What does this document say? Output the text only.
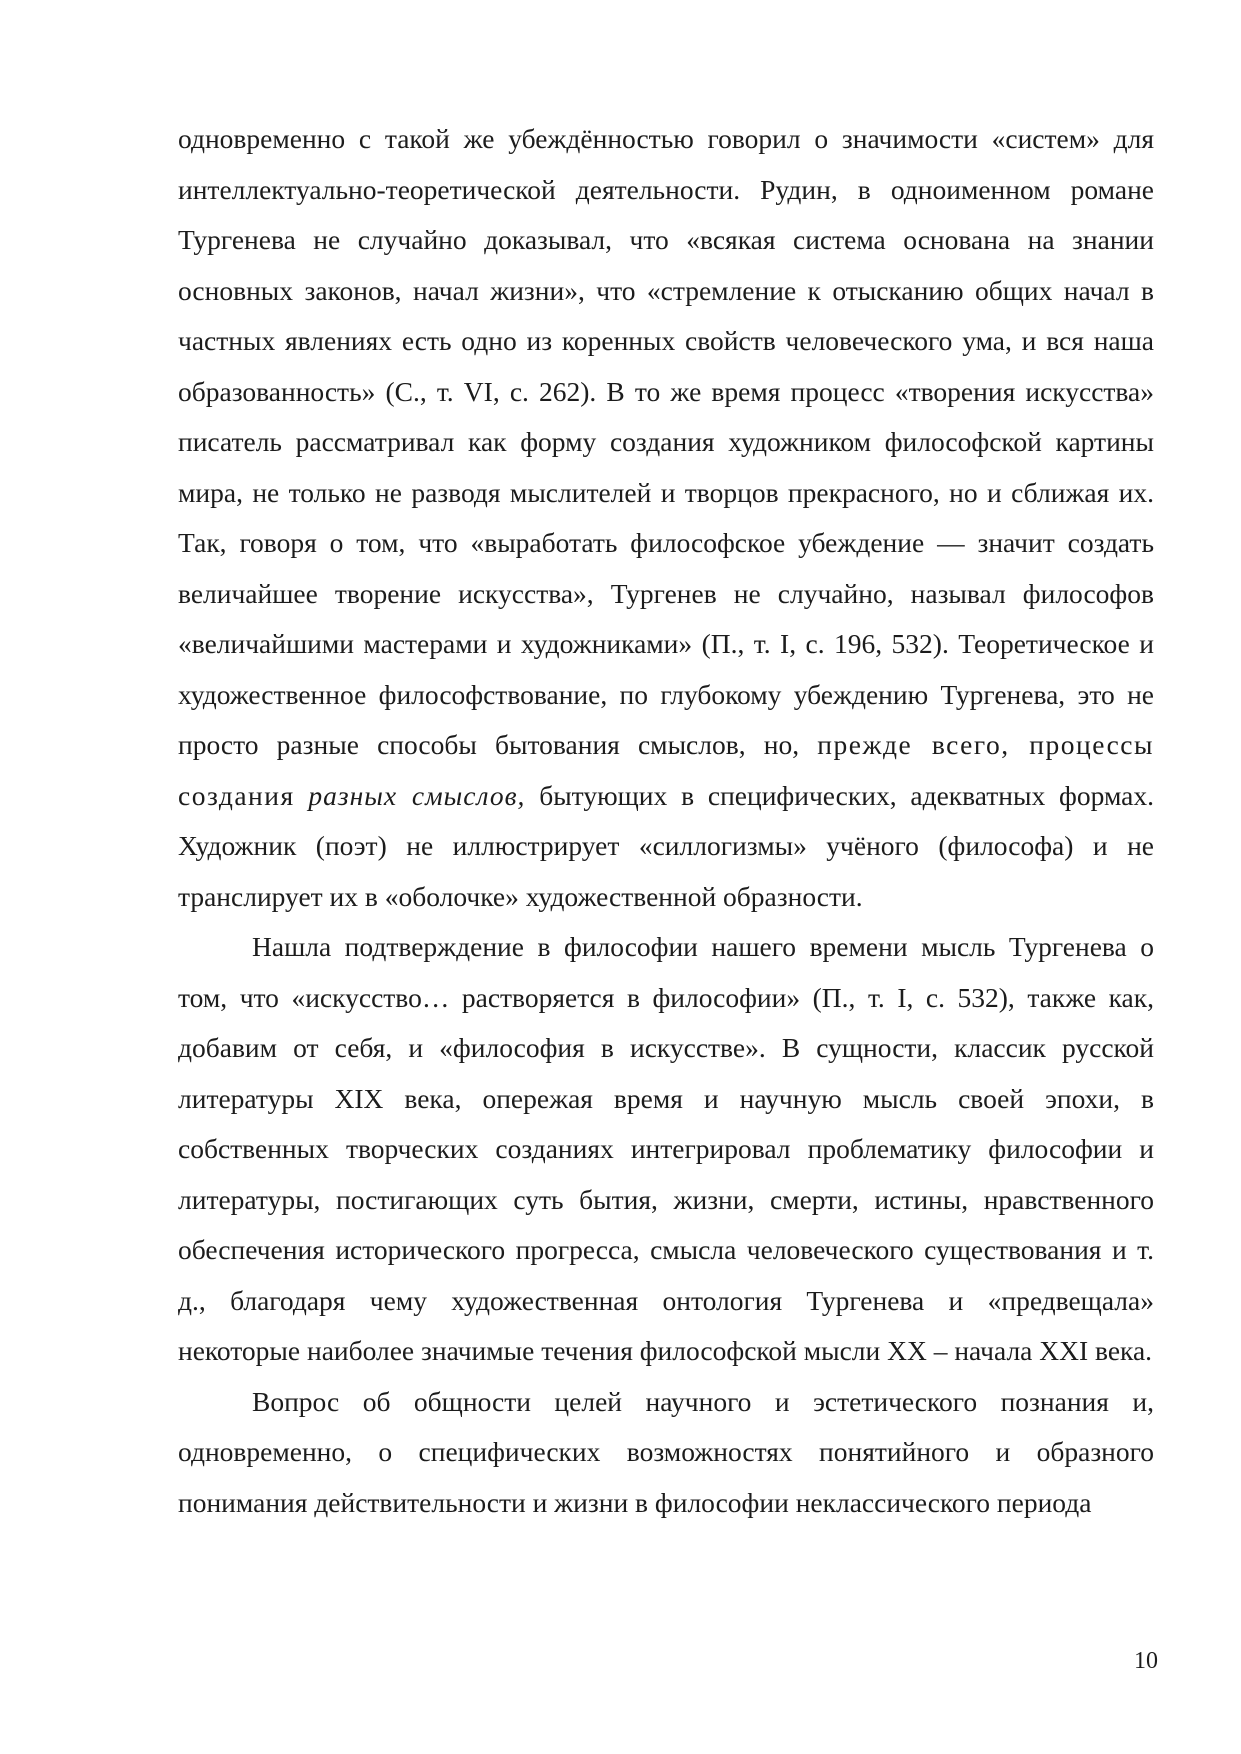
одновременно с такой же убеждённостью говорил о значимости «систем» для интеллектуально-теоретической деятельности. Рудин, в одноименном романе Тургенева не случайно доказывал, что «всякая система основана на знании основных законов, начал жизни», что «стремление к отысканию общих начал в частных явлениях есть одно из коренных свойств человеческого ума, и вся наша образованность» (С., т. VI, с. 262). В то же время процесс «творения искусства» писатель рассматривал как форму создания художником философской картины мира, не только не разводя мыслителей и творцов прекрасного, но и сближая их. Так, говоря о том, что «выработать философское убеждение — значит создать величайшее творение искусства», Тургенев не случайно, называл философов «величайшими мастерами и художниками» (П., т. I, с. 196, 532). Теоретическое и художественное философствование, по глубокому убеждению Тургенева, это не просто разные способы бытования смыслов, но, прежде всего, процессы создания разных смыслов, бытующих в специфических, адекватных формах. Художник (поэт) не иллюстрирует «силлогизмы» учёного (философа) и не транслирует их в «оболочке» художественной образности.

Нашла подтверждение в философии нашего времени мысль Тургенева о том, что «искусство… растворяется в философии» (П., т. I, с. 532), также как, добавим от себя, и «философия в искусстве». В сущности, классик русской литературы XIX века, опережая время и научную мысль своей эпохи, в собственных творческих созданиях интегрировал проблематику философии и литературы, постигающих суть бытия, жизни, смерти, истины, нравственного обеспечения исторического прогресса, смысла человеческого существования и т. д., благодаря чему художественная онтология Тургенева и «предвещала» некоторые наиболее значимые течения философской мысли XX – начала XXI века.

Вопрос об общности целей научного и эстетического познания и, одновременно, о специфических возможностях понятийного и образного понимания действительности и жизни в философии неклассического периода

10
